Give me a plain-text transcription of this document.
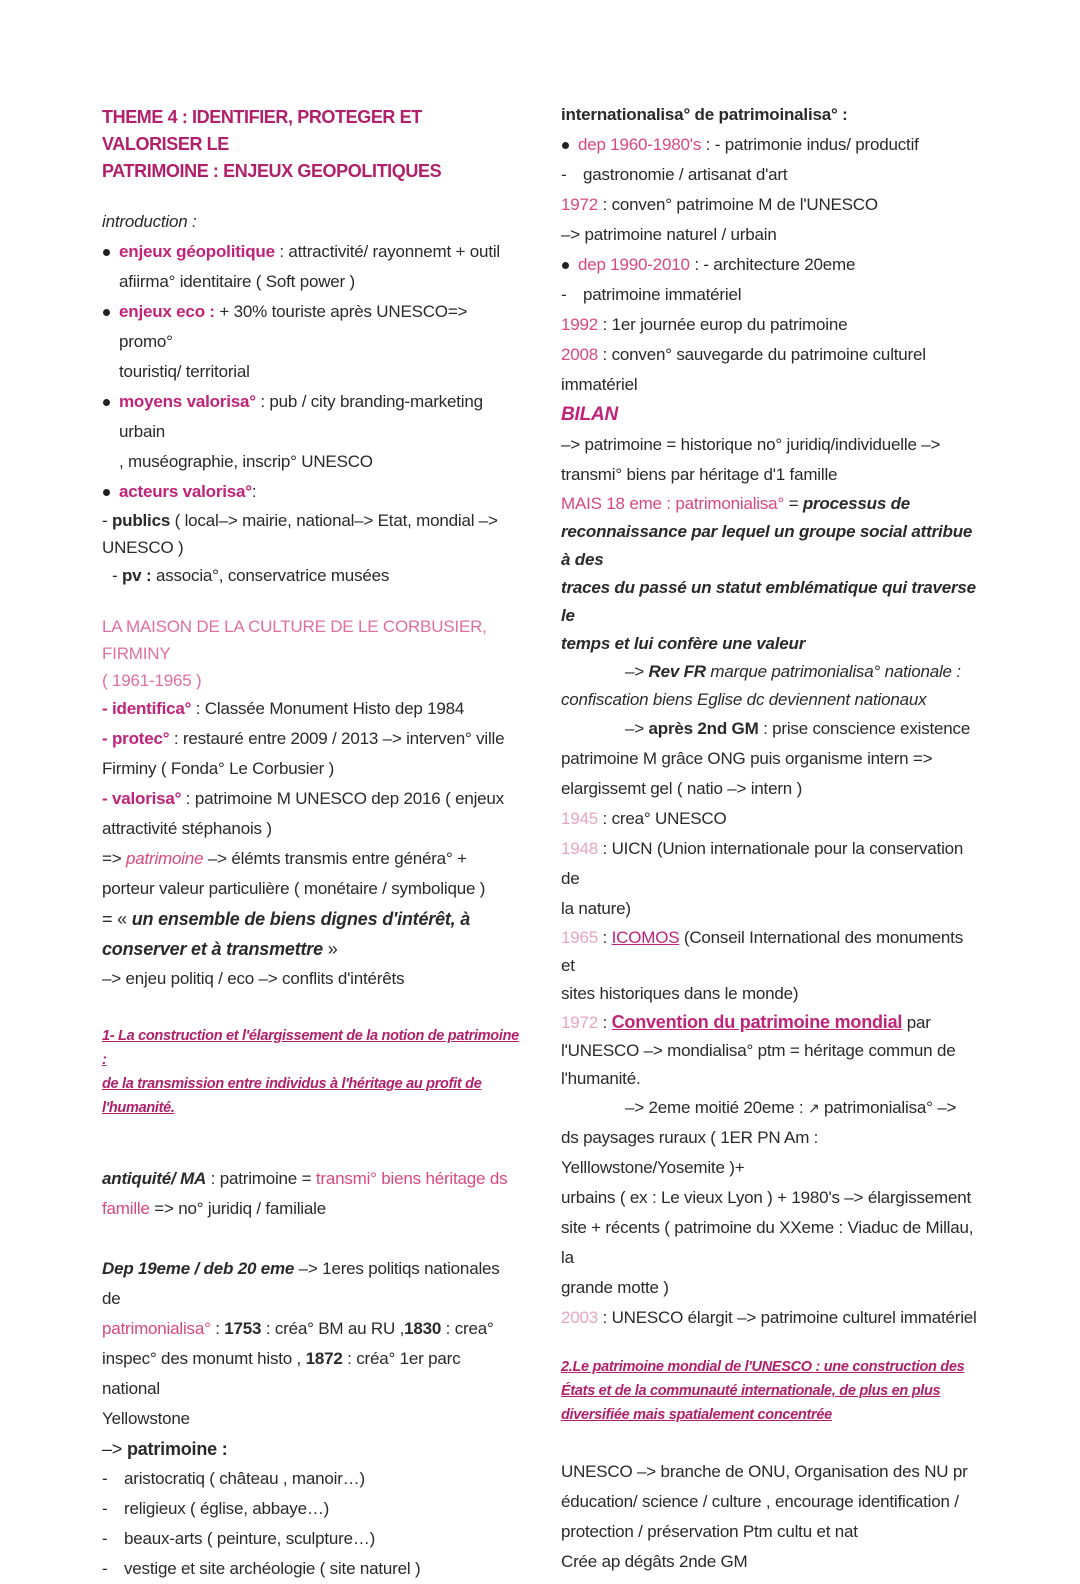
THEME 4 : IDENTIFIER, PROTEGER ET VALORISER LE
PATRIMOINE : ENJEUX GEOPOLITIQUES

introduction :

enjeux géopolitique : attractivité/ rayonnemt + outil
afiirma° identitaire ( Soft power )
enjeux eco : + 30% touriste après UNESCO=> promo°
touristiq/ territorial
moyens valorisa° : pub / city branding-marketing urbain
, muséographie, inscrip° UNESCO
acteurs valorisa°:

- publics ( local–> mairie, national–> Etat, mondial –>
UNESCO )

- pv : associa°, conservatrice musées

LA MAISON DE LA CULTURE DE LE CORBUSIER, FIRMINY
( 1961-1965 )

- identifica° : Classée Monument Histo dep 1984

- protec° : restauré entre 2009 / 2013 –> interven° ville
Firminy ( Fonda° Le Corbusier )

- valorisa° : patrimoine M UNESCO dep 2016 ( enjeux
attractivité stéphanois )

=> patrimoine –> élémts transmis entre généra° +
porteur valeur particulière ( monétaire / symbolique )

= « un ensemble de biens dignes d'intérêt, à
conserver et à transmettre »

–> enjeu politiq / eco –> conflits d'intérêts

1- La construction et l'élargissement de la notion de patrimoine :
de la transmission entre individus à l'héritage au profit de
l'humanité.

antiquité/ MA : patrimoine = transmi° biens héritage ds
famille => no° juridiq / familiale

Dep 19eme / deb 20 eme –> 1eres politiqs nationales de
patrimonialisa° : 1753 : créa° BM au RU ,1830 : crea°
inspec° des monumt histo , 1872 : créa° 1er parc national
Yellowstone

–> patrimoine :

- aristocratiq ( château , manoir…)
- religieux ( église, abbaye…)
- beaux-arts ( peinture, sculpture…)
- vestige et site archéologie ( site naturel )

internationalisa° de patrimoinalisa° :

dep 1960-1980's : - patrimonie indus/ productif
- gastronomie / artisanat d'art

1972 : conven° patrimoine M de l'UNESCO

–> patrimoine naturel / urbain

dep 1990-2010 : - architecture 20eme
- patrimoine immatériel

1992 : 1er journée europ du patrimoine

2008 : conven° sauvegarde du patrimoine culturel
immatériel

BILAN

–> patrimoine = historique no° juridiq/individuelle –>
transmi° biens par héritage d'1 famille

MAIS 18 eme : patrimonialisa° = processus de
reconnaissance par lequel un groupe social attribue à des
traces du passé un statut emblématique qui traverse le
temps et lui confère une valeur

–> Rev FR marque patrimonialisa° nationale :
confiscation biens Eglise dc deviennent nationaux

–> après 2nd GM : prise conscience existence
patrimoine M grâce ONG puis organisme intern =>
elargissemt gel ( natio –> intern )

1945 : crea° UNESCO

1948 : UICN (Union internationale pour la conservation de
la nature)

1965 : ICOMOS (Conseil International des monuments et
sites historiques dans le monde)

1972 : Convention du patrimoine mondial par
l'UNESCO –> mondialisa° ptm = héritage commun de
l'humanité.

–> 2eme moitié 20eme : ↗ patrimonialisa° –>
ds paysages ruraux ( 1ER PN Am : Yelllowstone/Yosemite )+
urbains ( ex : Le vieux Lyon ) + 1980's –> élargissement
site + récents ( patrimoine du XXeme : Viaduc de Millau, la
grande motte )

2003 : UNESCO élargit –> patrimoine culturel immatériel

2.Le patrimoine mondial de l'UNESCO : une construction des
États et de la communauté internationale, de plus en plus
diversifiée mais spatialement concentrée

UNESCO –> branche de ONU, Organisation des NU pr
éducation/ science / culture , encourage identification /
protection / préservation Ptm cultu et nat
Crée ap dégâts 2nde GM
